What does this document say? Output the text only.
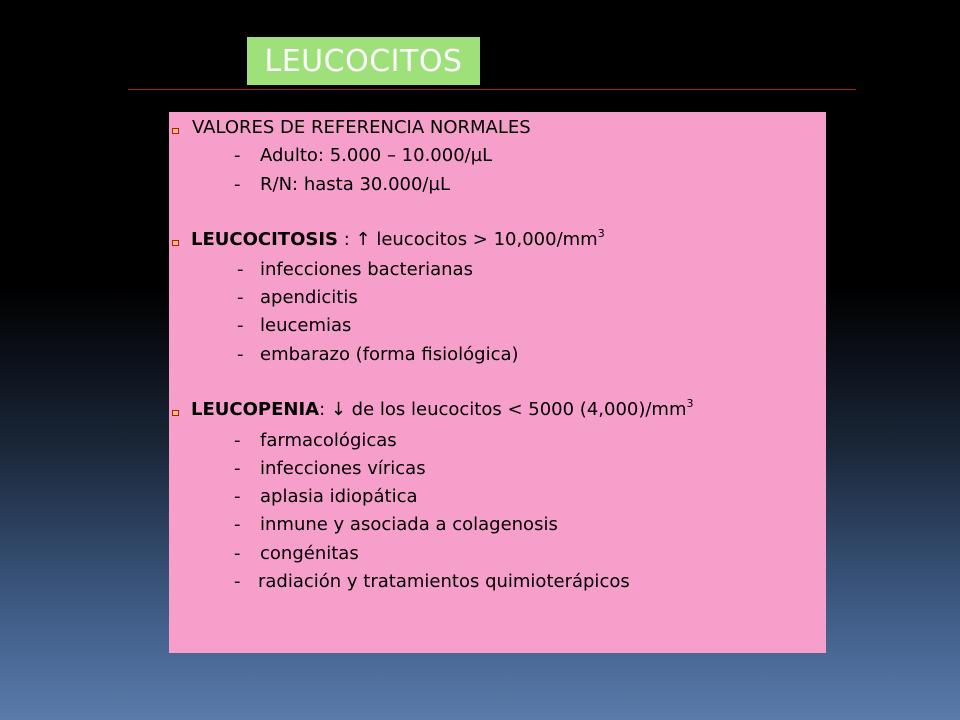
LEUCOCITOS
VALORES DE REFERENCIA NORMALES
- Adulto: 5.000 – 10.000/µL
- R/N: hasta 30.000/µL
LEUCOCITOSIS : ↑ leucocitos > $10,000/mm^3$
- infecciones bacterianas
- apendicitis
- leucemias
- embarazo (forma fisiológica)
LEUCOPENIA: ↓ de los leucocitos < 5000 $(4,000)/mm^3$
- farmacológicas
- infecciones víricas
- aplasia idiopática
- inmune y asociada a colagenosis
- congénitas
- radiación y tratamientos quimioterápicos
